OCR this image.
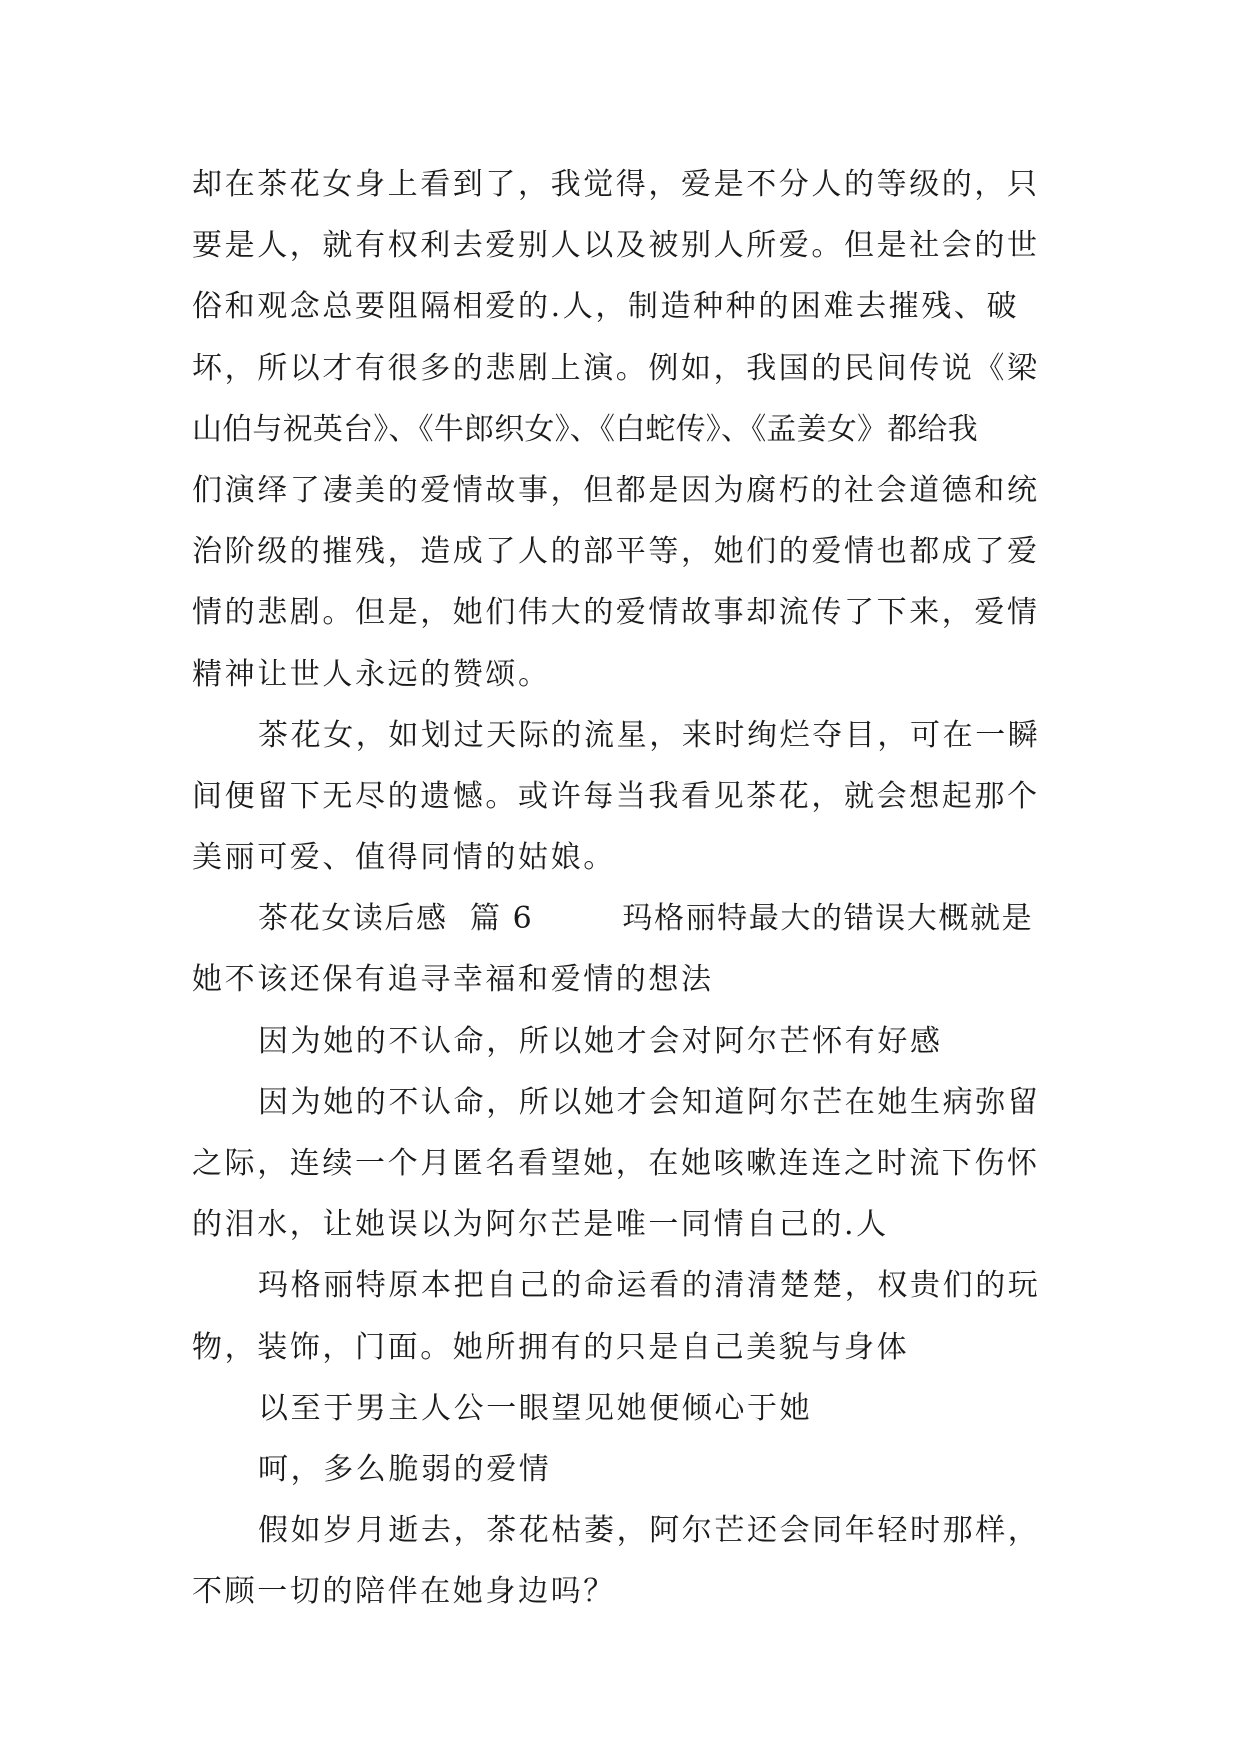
却在茶花女身上看到了，我觉得，爱是不分人的等级的，只
要是人，就有权利去爱别人以及被别人所爱。但是社会的世
俗和观念总要阻隔相爱的.人，制造种种的困难去摧残、破
坏，所以才有很多的悲剧上演。例如，我国的民间传说《梁
山伯与祝英台》、《牛郎织女》、《白蛇传》、《孟姜女》都给我
们演绎了凄美的爱情故事，但都是因为腐朽的社会道德和统
治阶级的摧残，造成了人的部平等，她们的爱情也都成了爱
情的悲剧。但是，她们伟大的爱情故事却流传了下来，爱情
精神让世人永远的赞颂。
茶花女，如划过天际的流星，来时绚烂夺目，可在一瞬
间便留下无尽的遗憾。或许每当我看见茶花，就会想起那个
美丽可爱、值得同情的姑娘。
茶花女读后感  篇 6        玛格丽特最大的错误大概就是
她不该还保有追寻幸福和爱情的想法
因为她的不认命，所以她才会对阿尔芒怀有好感
因为她的不认命，所以她才会知道阿尔芒在她生病弥留
之际，连续一个月匿名看望她，在她咳嗽连连之时流下伤怀
的泪水，让她误以为阿尔芒是唯一同情自己的.人
玛格丽特原本把自己的命运看的清清楚楚，权贵们的玩
物，装饰，门面。她所拥有的只是自己美貌与身体
以至于男主人公一眼望见她便倾心于她
呵，多么脆弱的爱情
假如岁月逝去，茶花枯萎，阿尔芒还会同年轻时那样，
不顾一切的陪伴在她身边吗？
